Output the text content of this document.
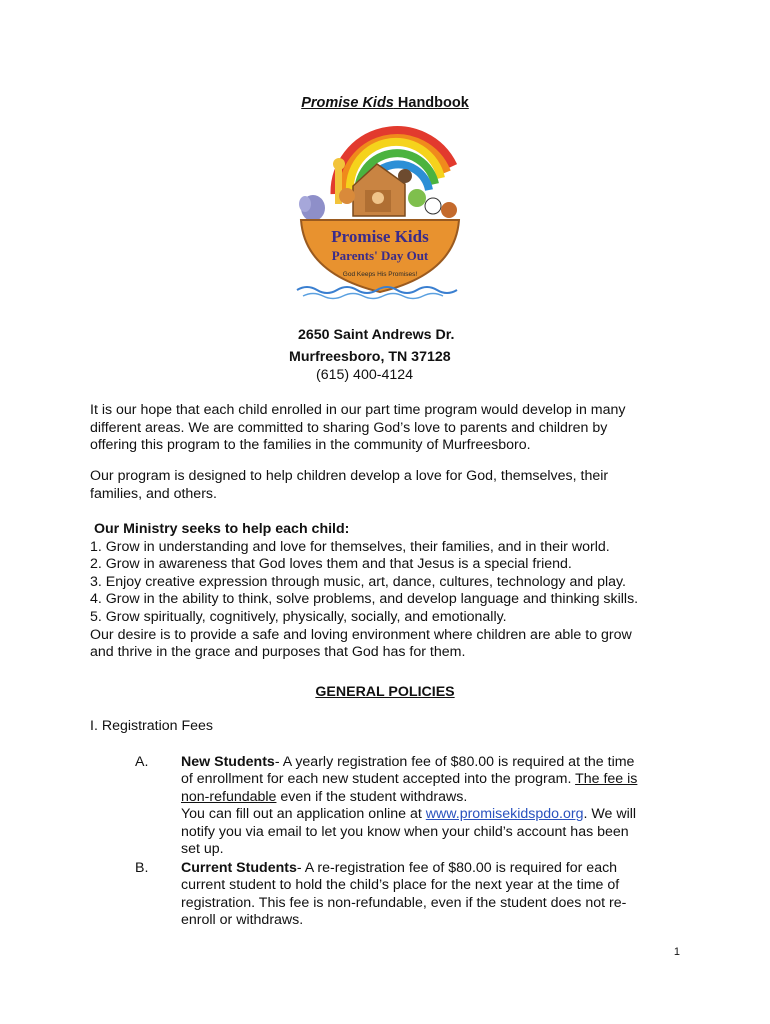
Promise Kids Handbook
Promise Kids
Parents' Day Out
God Keeps His Promises!
2650 Saint Andrews Dr.
Murfreesboro, TN 37128
(615) 400-4124

It is our hope that each child enrolled in our part time program would develop in many

different areas. We are committed to sharing God’s love to parents and children by

offering this program to the families in the community of Murfreesboro.

Our program is designed to help children develop a love for God, themselves, their

families, and others.

Our Ministry seeks to help each child:

1. Grow in understanding and love for themselves, their families, and in their world.

2. Grow in awareness that God loves them and that Jesus is a special friend.

3. Enjoy creative expression through music, art, dance, cultures, technology and play.

4. Grow in the ability to think, solve problems, and develop language and thinking skills.

5. Grow spiritually, cognitively, physically, socially, and emotionally.

Our desire is to provide a safe and loving environment where children are able to grow

and thrive in the grace and purposes that God has for them.

GENERAL POLICIES
I. Registration Fees
A. New Students- A yearly registration fee of $80.00 is required at the time
of enrollment for each new student accepted into the program. The fee is
non-refundable even if the student withdraws.
You can fill out an application online at www.promisekidspdo.org. We will
notify you via email to let you know when your child’s account has been
set up.
B. Current Students- A re-registration fee of $80.00 is required for each
current student to hold the child’s place for the next year at the time of
registration. This fee is non-refundable, even if the student does not re-
enroll or withdraws.
1
